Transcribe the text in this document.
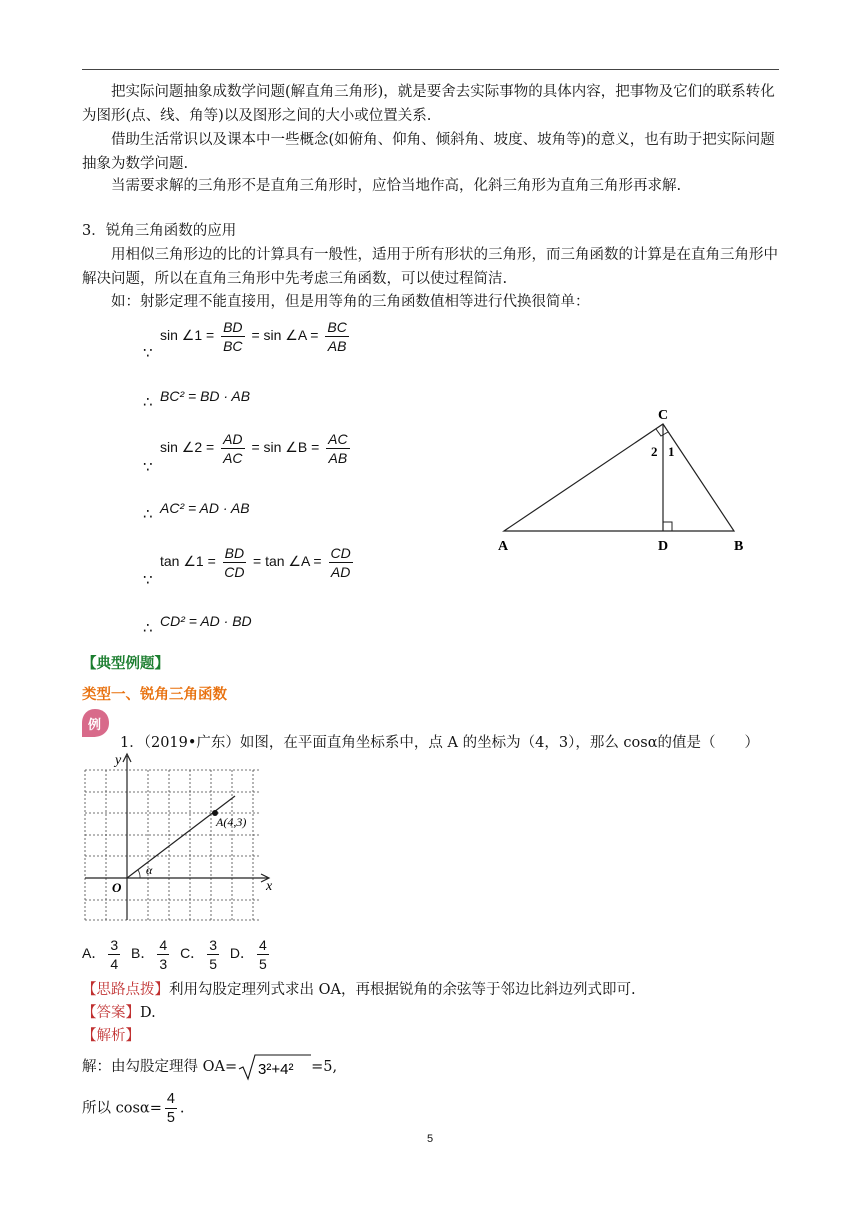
把实际问题抽象成数学问题(解直角三角形)，就是要舍去实际事物的具体内容，把事物及它们的联系转化为图形(点、线、角等)以及图形之间的大小或位置关系.

借助生活常识以及课本中一些概念(如俯角、仰角、倾斜角、坡度、坡角等)的意义，也有助于把实际问题抽象为数学问题.

当需要求解的三角形不是直角三角形时，应恰当地作高，化斜三角形为直角三角形再求解.

3．锐角三角函数的应用

用相似三角形边的比的计算具有一般性，适用于所有形状的三角形，而三角函数的计算是在直角三角形中解决问题，所以在直角三角形中先考虑三角函数，可以使过程简洁.

如：射影定理不能直接用，但是用等角的三角函数值相等进行代换很简单：

∵
sin ∠1 = $\frac{BD}{BC} = \sin$ ∠A = $\frac{BC}{AB}$
∴ BC² = BD · AB
∵
sin ∠2 = $\frac{AD}{AC} = \sin$ ∠B = $\frac{AC}{AB}$
∴ AC² = AD · AB
∵
tan ∠1 = $\frac{BD}{CD} = \tan$ ∠A = $\frac{CD}{AD}$
∴ CD² = AD · BD
C
A	D	B
2 1
【典型例题】
类型一、锐角三角函数
例
1．（2019•广东）如图，在平面直角坐标系中，点 A 的坐标为（4，3），那么 cosα的值是（　　）
A(4,3)
y
x
O
α
A． $\frac{3}{4}$ B． $\frac{4}{3}$ C． $\frac{3}{5}$ D． $\frac{4}{5}$
【思路点拨】利用勾股定理列式求出 OA，再根据锐角的余弦等于邻边比斜边列式即可.
【答案】D.
【解析】
解：由勾股定理得 OA= 3²+4² =5,
所以 $\cos\alpha= \frac{4}{5}$ .
5
